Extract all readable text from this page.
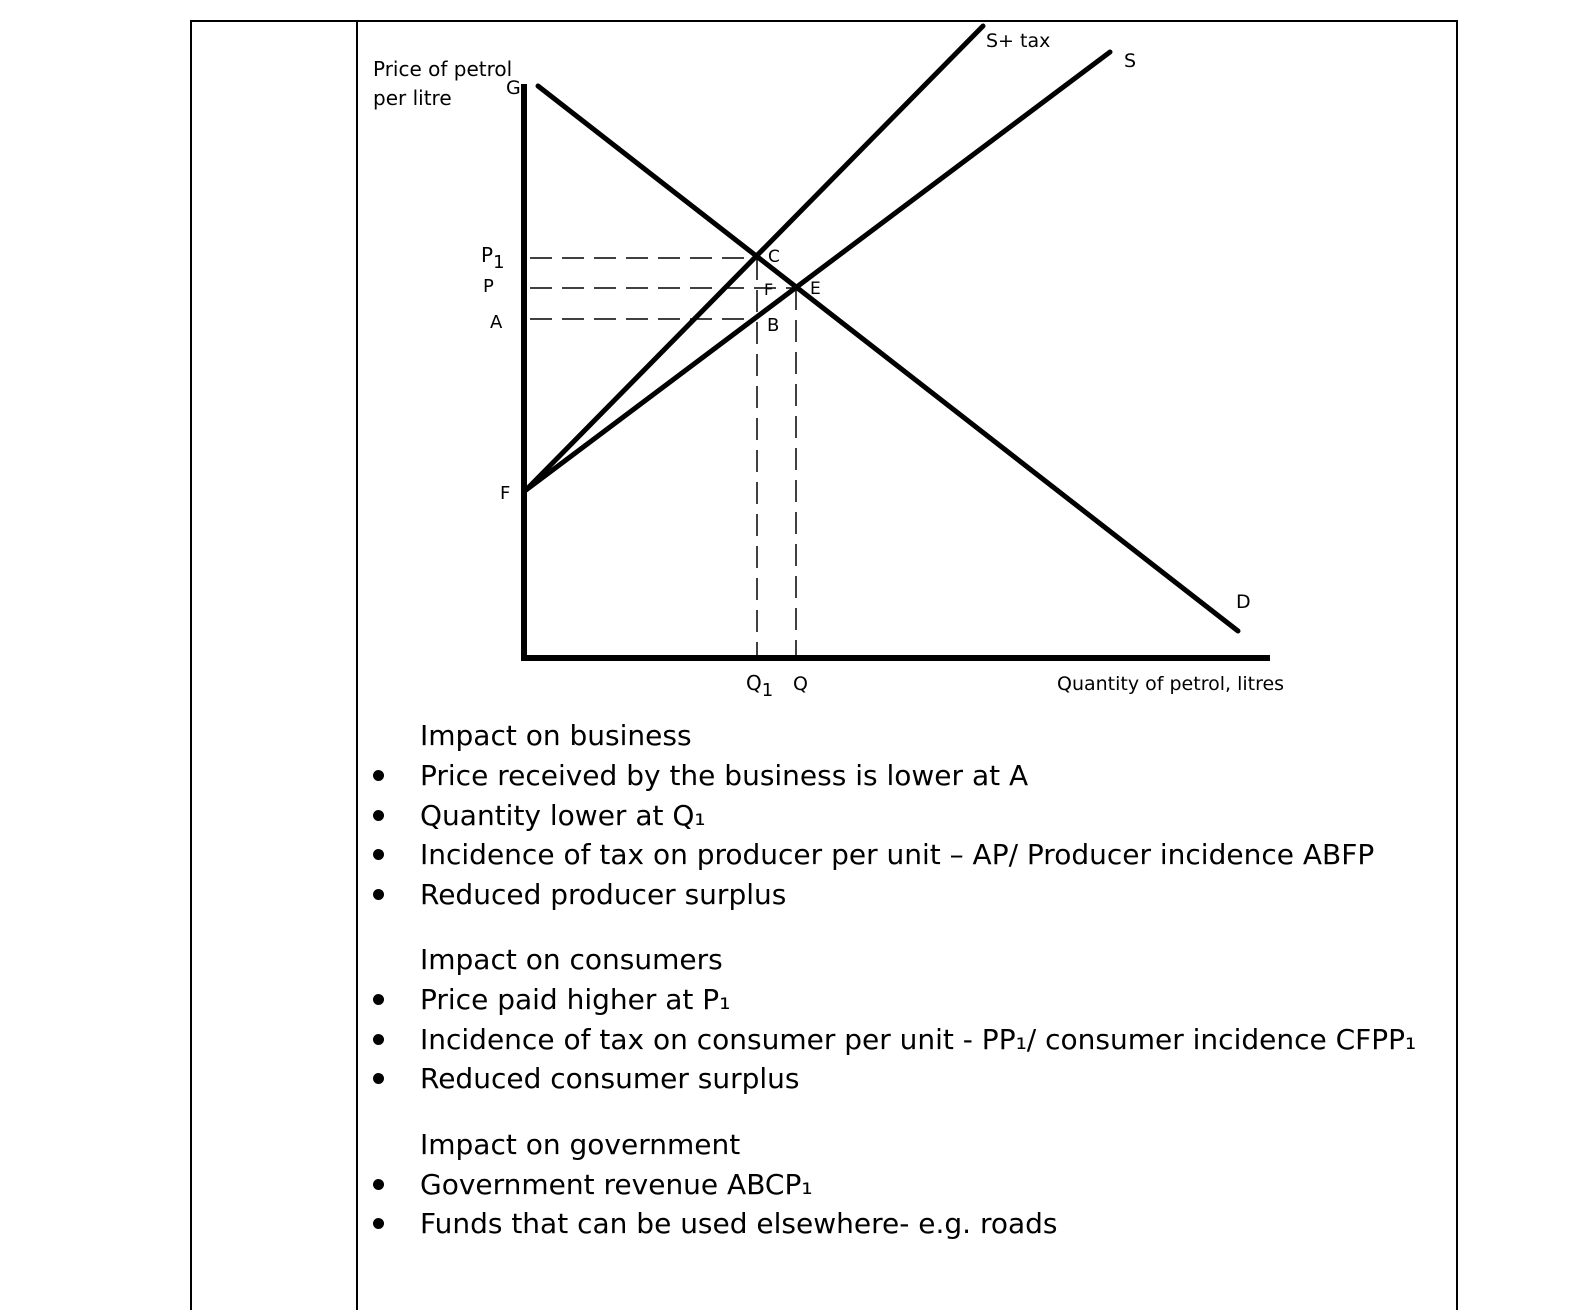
Price of petrol
per litre
Quantity of petrol, litres
S+ tax
S
D
G
C
E
F
B
F
P1
P
A
Q1 Q
Impact on business
Price received by the business is lower at A
Quantity lower at Q₁
Incidence of tax on producer per unit – AP/ Producer incidence ABFP
Reduced producer surplus
Impact on consumers
Price paid higher at P₁
Incidence of tax on consumer per unit - PP₁/ consumer incidence CFPP₁
Reduced consumer surplus
Impact on government
Government revenue ABCP₁
Funds that can be used elsewhere- e.g. roads
